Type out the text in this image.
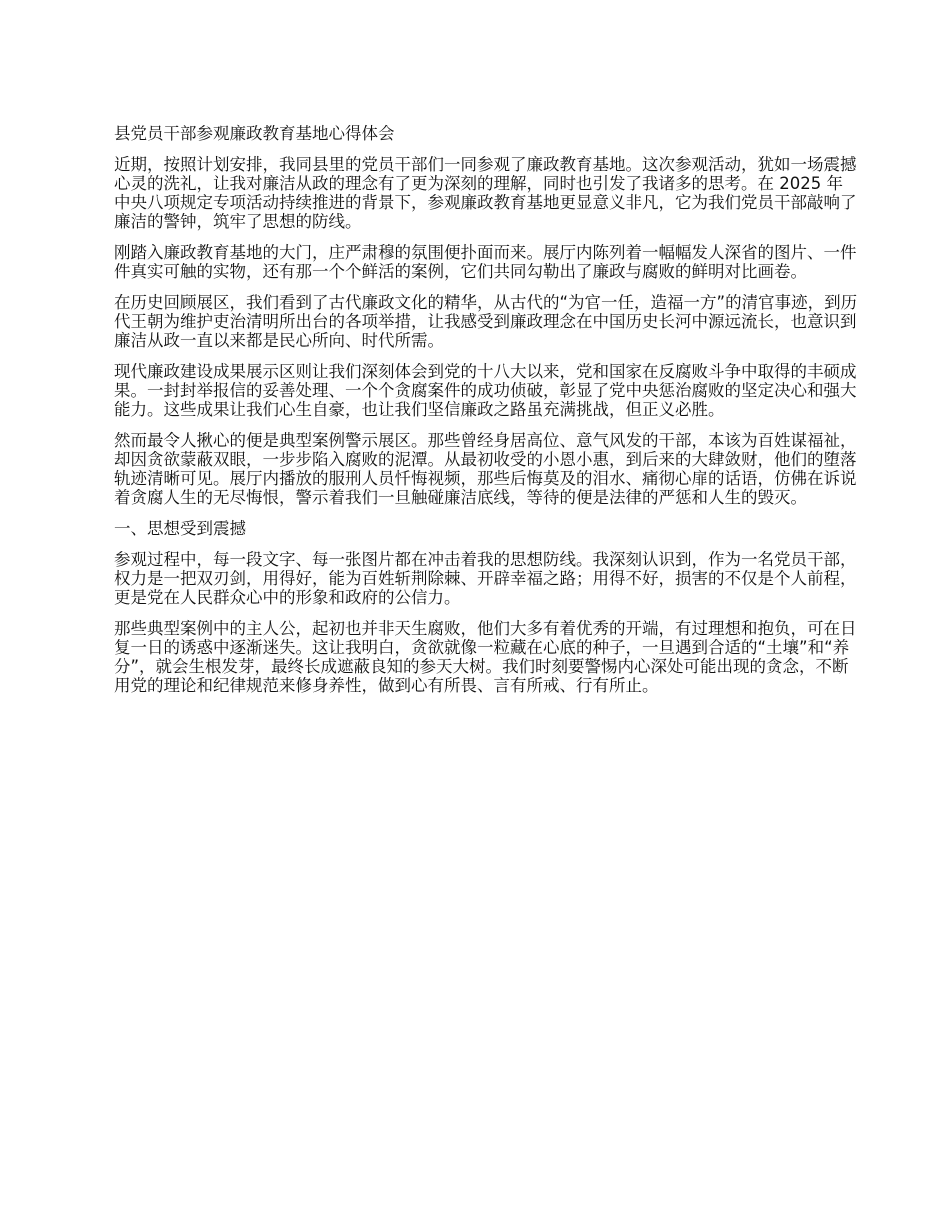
县党员干部参观廉政教育基地心得体会

近期，按照计划安排，我同县里的党员干部们一同参观了廉政教育基地。这次参观活动，犹如一场震撼心灵的洗礼，让我对廉洁从政的理念有了更为深刻的理解，同时也引发了我诸多的思考。在 2025 年中央八项规定专项活动持续推进的背景下，参观廉政教育基地更显意义非凡，它为我们党员干部敲响了廉洁的警钟，筑牢了思想的防线。

刚踏入廉政教育基地的大门，庄严肃穆的氛围便扑面而来。展厅内陈列着一幅幅发人深省的图片、一件件真实可触的实物，还有那一个个鲜活的案例，它们共同勾勒出了廉政与腐败的鲜明对比画卷。

在历史回顾展区，我们看到了古代廉政文化的精华，从古代的“为官一任，造福一方”的清官事迹，到历代王朝为维护吏治清明所出台的各项举措，让我感受到廉政理念在中国历史长河中源远流长，也意识到廉洁从政一直以来都是民心所向、时代所需。

现代廉政建设成果展示区则让我们深刻体会到党的十八大以来，党和国家在反腐败斗争中取得的丰硕成果。一封封举报信的妥善处理、一个个贪腐案件的成功侦破，彰显了党中央惩治腐败的坚定决心和强大能力。这些成果让我们心生自豪，也让我们坚信廉政之路虽充满挑战，但正义必胜。

然而最令人揪心的便是典型案例警示展区。那些曾经身居高位、意气风发的干部，本该为百姓谋福祉，却因贪欲蒙蔽双眼，一步步陷入腐败的泥潭。从最初收受的小恩小惠，到后来的大肆敛财，他们的堕落轨迹清晰可见。展厅内播放的服刑人员忏悔视频，那些后悔莫及的泪水、痛彻心扉的话语，仿佛在诉说着贪腐人生的无尽悔恨，警示着我们一旦触碰廉洁底线，等待的便是法律的严惩和人生的毁灭。

一、思想受到震撼

参观过程中，每一段文字、每一张图片都在冲击着我的思想防线。我深刻认识到，作为一名党员干部，权力是一把双刃剑，用得好，能为百姓斩荆除棘、开辟幸福之路；用得不好，损害的不仅是个人前程，更是党在人民群众心中的形象和政府的公信力。

那些典型案例中的主人公，起初也并非天生腐败，他们大多有着优秀的开端，有过理想和抱负，可在日复一日的诱惑中逐渐迷失。这让我明白，贪欲就像一粒藏在心底的种子，一旦遇到合适的“土壤”和“养分”，就会生根发芽，最终长成遮蔽良知的参天大树。我们时刻要警惕内心深处可能出现的贪念，不断用党的理论和纪律规范来修身养性，做到心有所畏、言有所戒、行有所止。
